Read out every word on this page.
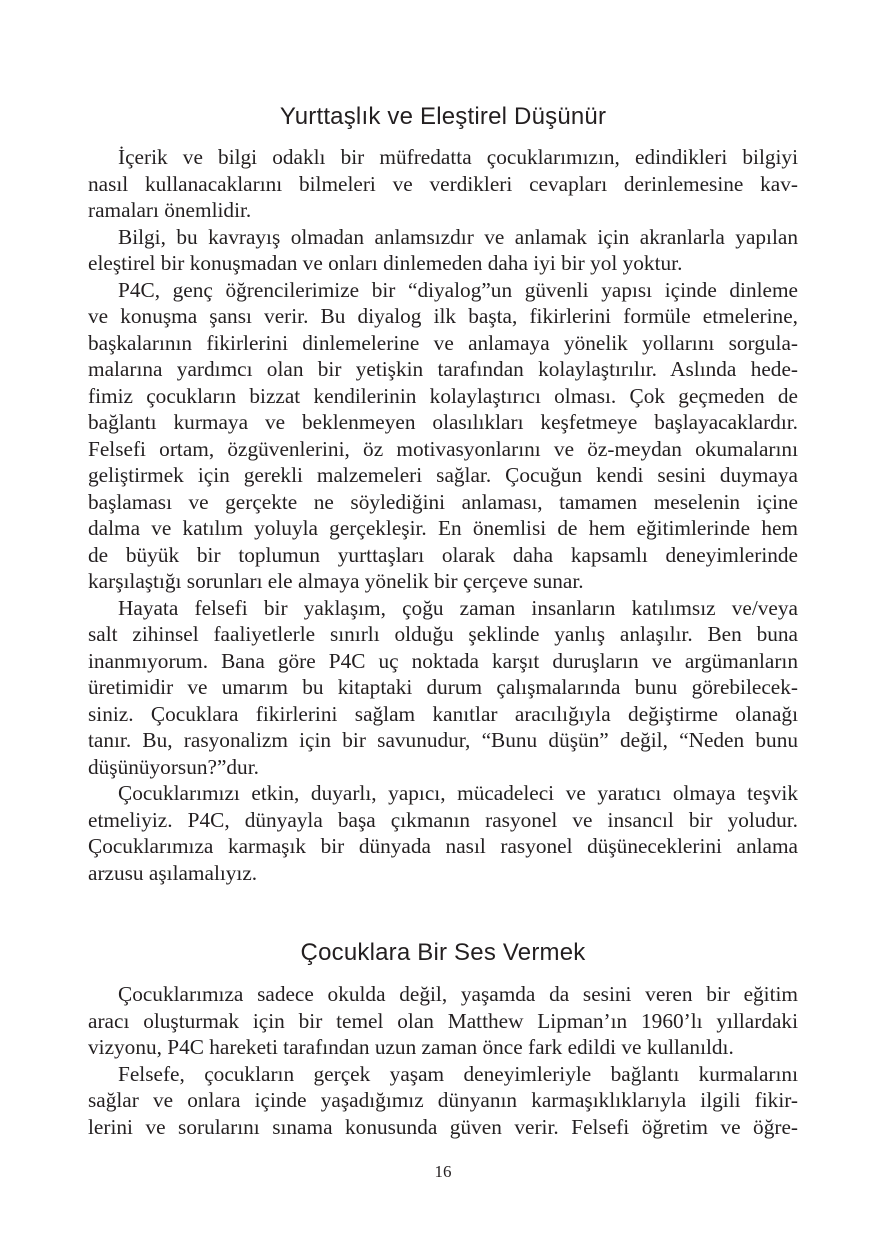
Yurttaşlık ve Eleştirel Düşünür
İçerik ve bilgi odaklı bir müfredatta çocuklarımızın, edindikleri bilgiyi
nasıl kullanacaklarını bilmeleri ve verdikleri cevapları derinlemesine kav-
ramaları önemlidir.
Bilgi, bu kavrayış olmadan anlamsızdır ve anlamak için akranlarla yapılan
eleştirel bir konuşmadan ve onları dinlemeden daha iyi bir yol yoktur.
P4C, genç öğrencilerimize bir “diyalog”un güvenli yapısı içinde dinleme
ve konuşma şansı verir. Bu diyalog ilk başta, fikirlerini formüle etmelerine,
başkalarının fikirlerini dinlemelerine ve anlamaya yönelik yollarını sorgula-
malarına yardımcı olan bir yetişkin tarafından kolaylaştırılır. Aslında hede-
fimiz çocukların bizzat kendilerinin kolaylaştırıcı olması. Çok geçmeden de
bağlantı kurmaya ve beklenmeyen olasılıkları keşfetmeye başlayacaklardır.
Felsefi ortam, özgüvenlerini, öz motivasyonlarını ve öz-meydan okumalarını
geliştirmek için gerekli malzemeleri sağlar. Çocuğun kendi sesini duymaya
başlaması ve gerçekte ne söylediğini anlaması, tamamen meselenin içine
dalma ve katılım yoluyla gerçekleşir. En önemlisi de hem eğitimlerinde hem
de büyük bir toplumun yurttaşları olarak daha kapsamlı deneyimlerinde
karşılaştığı sorunları ele almaya yönelik bir çerçeve sunar.
Hayata felsefi bir yaklaşım, çoğu zaman insanların katılımsız ve/veya
salt zihinsel faaliyetlerle sınırlı olduğu şeklinde yanlış anlaşılır. Ben buna
inanmıyorum. Bana göre P4C uç noktada karşıt duruşların ve argümanların
üretimidir ve umarım bu kitaptaki durum çalışmalarında bunu görebilecek-
siniz. Çocuklara fikirlerini sağlam kanıtlar aracılığıyla değiştirme olanağı
tanır. Bu, rasyonalizm için bir savunudur, “Bunu düşün” değil, “Neden bunu
düşünüyorsun?”dur.
Çocuklarımızı etkin, duyarlı, yapıcı, mücadeleci ve yaratıcı olmaya teşvik
etmeliyiz. P4C, dünyayla başa çıkmanın rasyonel ve insancıl bir yoludur.
Çocuklarımıza karmaşık bir dünyada nasıl rasyonel düşüneceklerini anlama
arzusu aşılamalıyız.
Çocuklara Bir Ses Vermek
Çocuklarımıza sadece okulda değil, yaşamda da sesini veren bir eğitim
aracı oluşturmak için bir temel olan Matthew Lipman’ın 1960’lı yıllardaki
vizyonu, P4C hareketi tarafından uzun zaman önce fark edildi ve kullanıldı.
Felsefe, çocukların gerçek yaşam deneyimleriyle bağlantı kurmalarını
sağlar ve onlara içinde yaşadığımız dünyanın karmaşıklıklarıyla ilgili fikir-
lerini ve sorularını sınama konusunda güven verir. Felsefi öğretim ve öğre-
16
